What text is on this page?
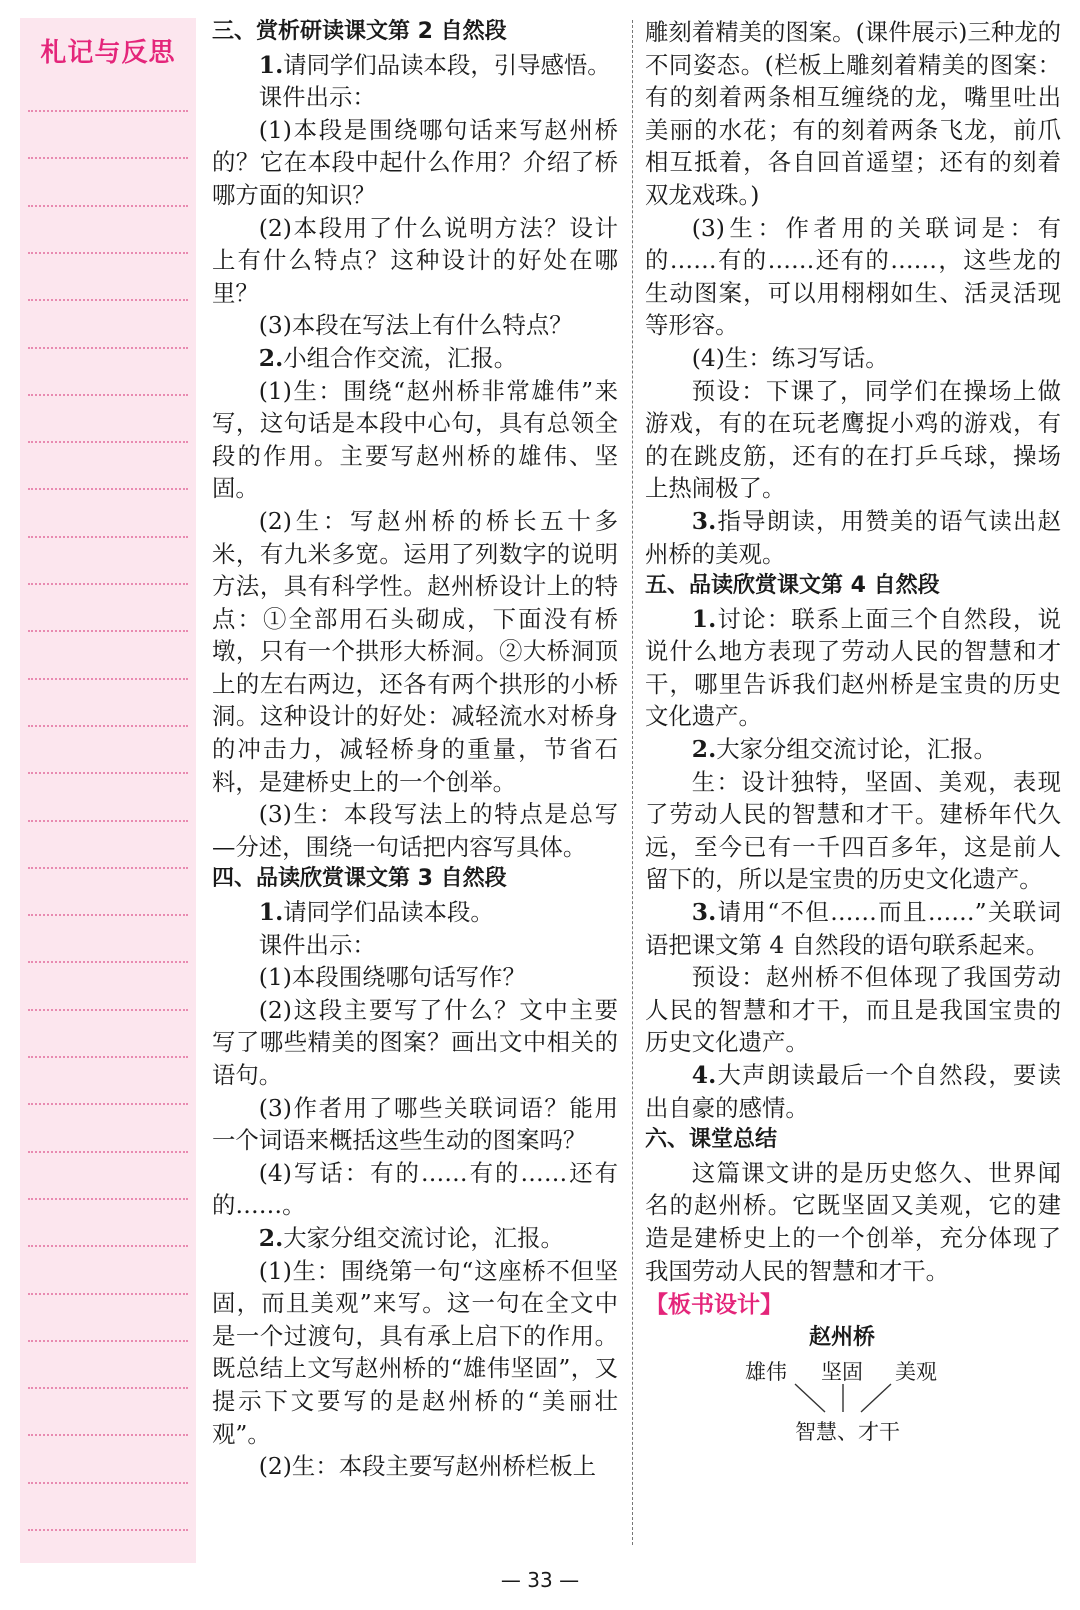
札记与反思

三、赏析研读课文第 2 自然段

1.请同学们品读本段，引导感悟。

课件出示：

(1)本段是围绕哪句话来写赵州桥的？它在本段中起什么作用？介绍了桥哪方面的知识？

(2)本段用了什么说明方法？设计上有什么特点？这种设计的好处在哪里？

(3)本段在写法上有什么特点？

2.小组合作交流，汇报。

(1)生：围绕“赵州桥非常雄伟”来写，这句话是本段中心句，具有总领全段的作用。主要写赵州桥的雄伟、坚固。

(2)生：写赵州桥的桥长五十多米，有九米多宽。运用了列数字的说明方法，具有科学性。赵州桥设计上的特点：①全部用石头砌成，下面没有桥墩，只有一个拱形大桥洞。②大桥洞顶上的左右两边，还各有两个拱形的小桥洞。这种设计的好处：减轻流水对桥身的冲击力，减轻桥身的重量，节省石料，是建桥史上的一个创举。

(3)生：本段写法上的特点是总写—分述，围绕一句话把内容写具体。

四、品读欣赏课文第 3 自然段

1.请同学们品读本段。

课件出示：

(1)本段围绕哪句话写作？

(2)这段主要写了什么？文中主要写了哪些精美的图案？画出文中相关的语句。

(3)作者用了哪些关联词语？能用一个词语来概括这些生动的图案吗？

(4)写话：有的……有的……还有的……。

2.大家分组交流讨论，汇报。

(1)生：围绕第一句“这座桥不但坚固，而且美观”来写。这一句在全文中是一个过渡句，具有承上启下的作用。既总结上文写赵州桥的“雄伟坚固”，又提示下文要写的是赵州桥的“美丽壮观”。

(2)生：本段主要写赵州桥栏板上

雕刻着精美的图案。(课件展示)三种龙的不同姿态。(栏板上雕刻着精美的图案：有的刻着两条相互缠绕的龙，嘴里吐出美丽的水花；有的刻着两条飞龙，前爪相互抵着，各自回首遥望；还有的刻着双龙戏珠。)

(3)生：作者用的关联词是：有的……有的……还有的……，这些龙的生动图案，可以用栩栩如生、活灵活现等形容。

(4)生：练习写话。

预设：下课了，同学们在操场上做游戏，有的在玩老鹰捉小鸡的游戏，有的在跳皮筋，还有的在打乒乓球，操场上热闹极了。

3.指导朗读，用赞美的语气读出赵州桥的美观。

五、品读欣赏课文第 4 自然段

1.讨论：联系上面三个自然段，说说什么地方表现了劳动人民的智慧和才干，哪里告诉我们赵州桥是宝贵的历史文化遗产。

2.大家分组交流讨论，汇报。

生：设计独特，坚固、美观，表现了劳动人民的智慧和才干。建桥年代久远，至今已有一千四百多年，这是前人留下的，所以是宝贵的历史文化遗产。

3.请用“不但……而且……”关联词语把课文第 4 自然段的语句联系起来。

预设：赵州桥不但体现了我国劳动人民的智慧和才干，而且是我国宝贵的历史文化遗产。

4.大声朗读最后一个自然段，要读出自豪的感情。

六、课堂总结

这篇课文讲的是历史悠久、世界闻名的赵州桥。它既坚固又美观，它的建造是建桥史上的一个创举，充分体现了我国劳动人民的智慧和才干。

【板书设计】

赵州桥
雄伟 坚固 美观
智慧、才干
— 33 —
